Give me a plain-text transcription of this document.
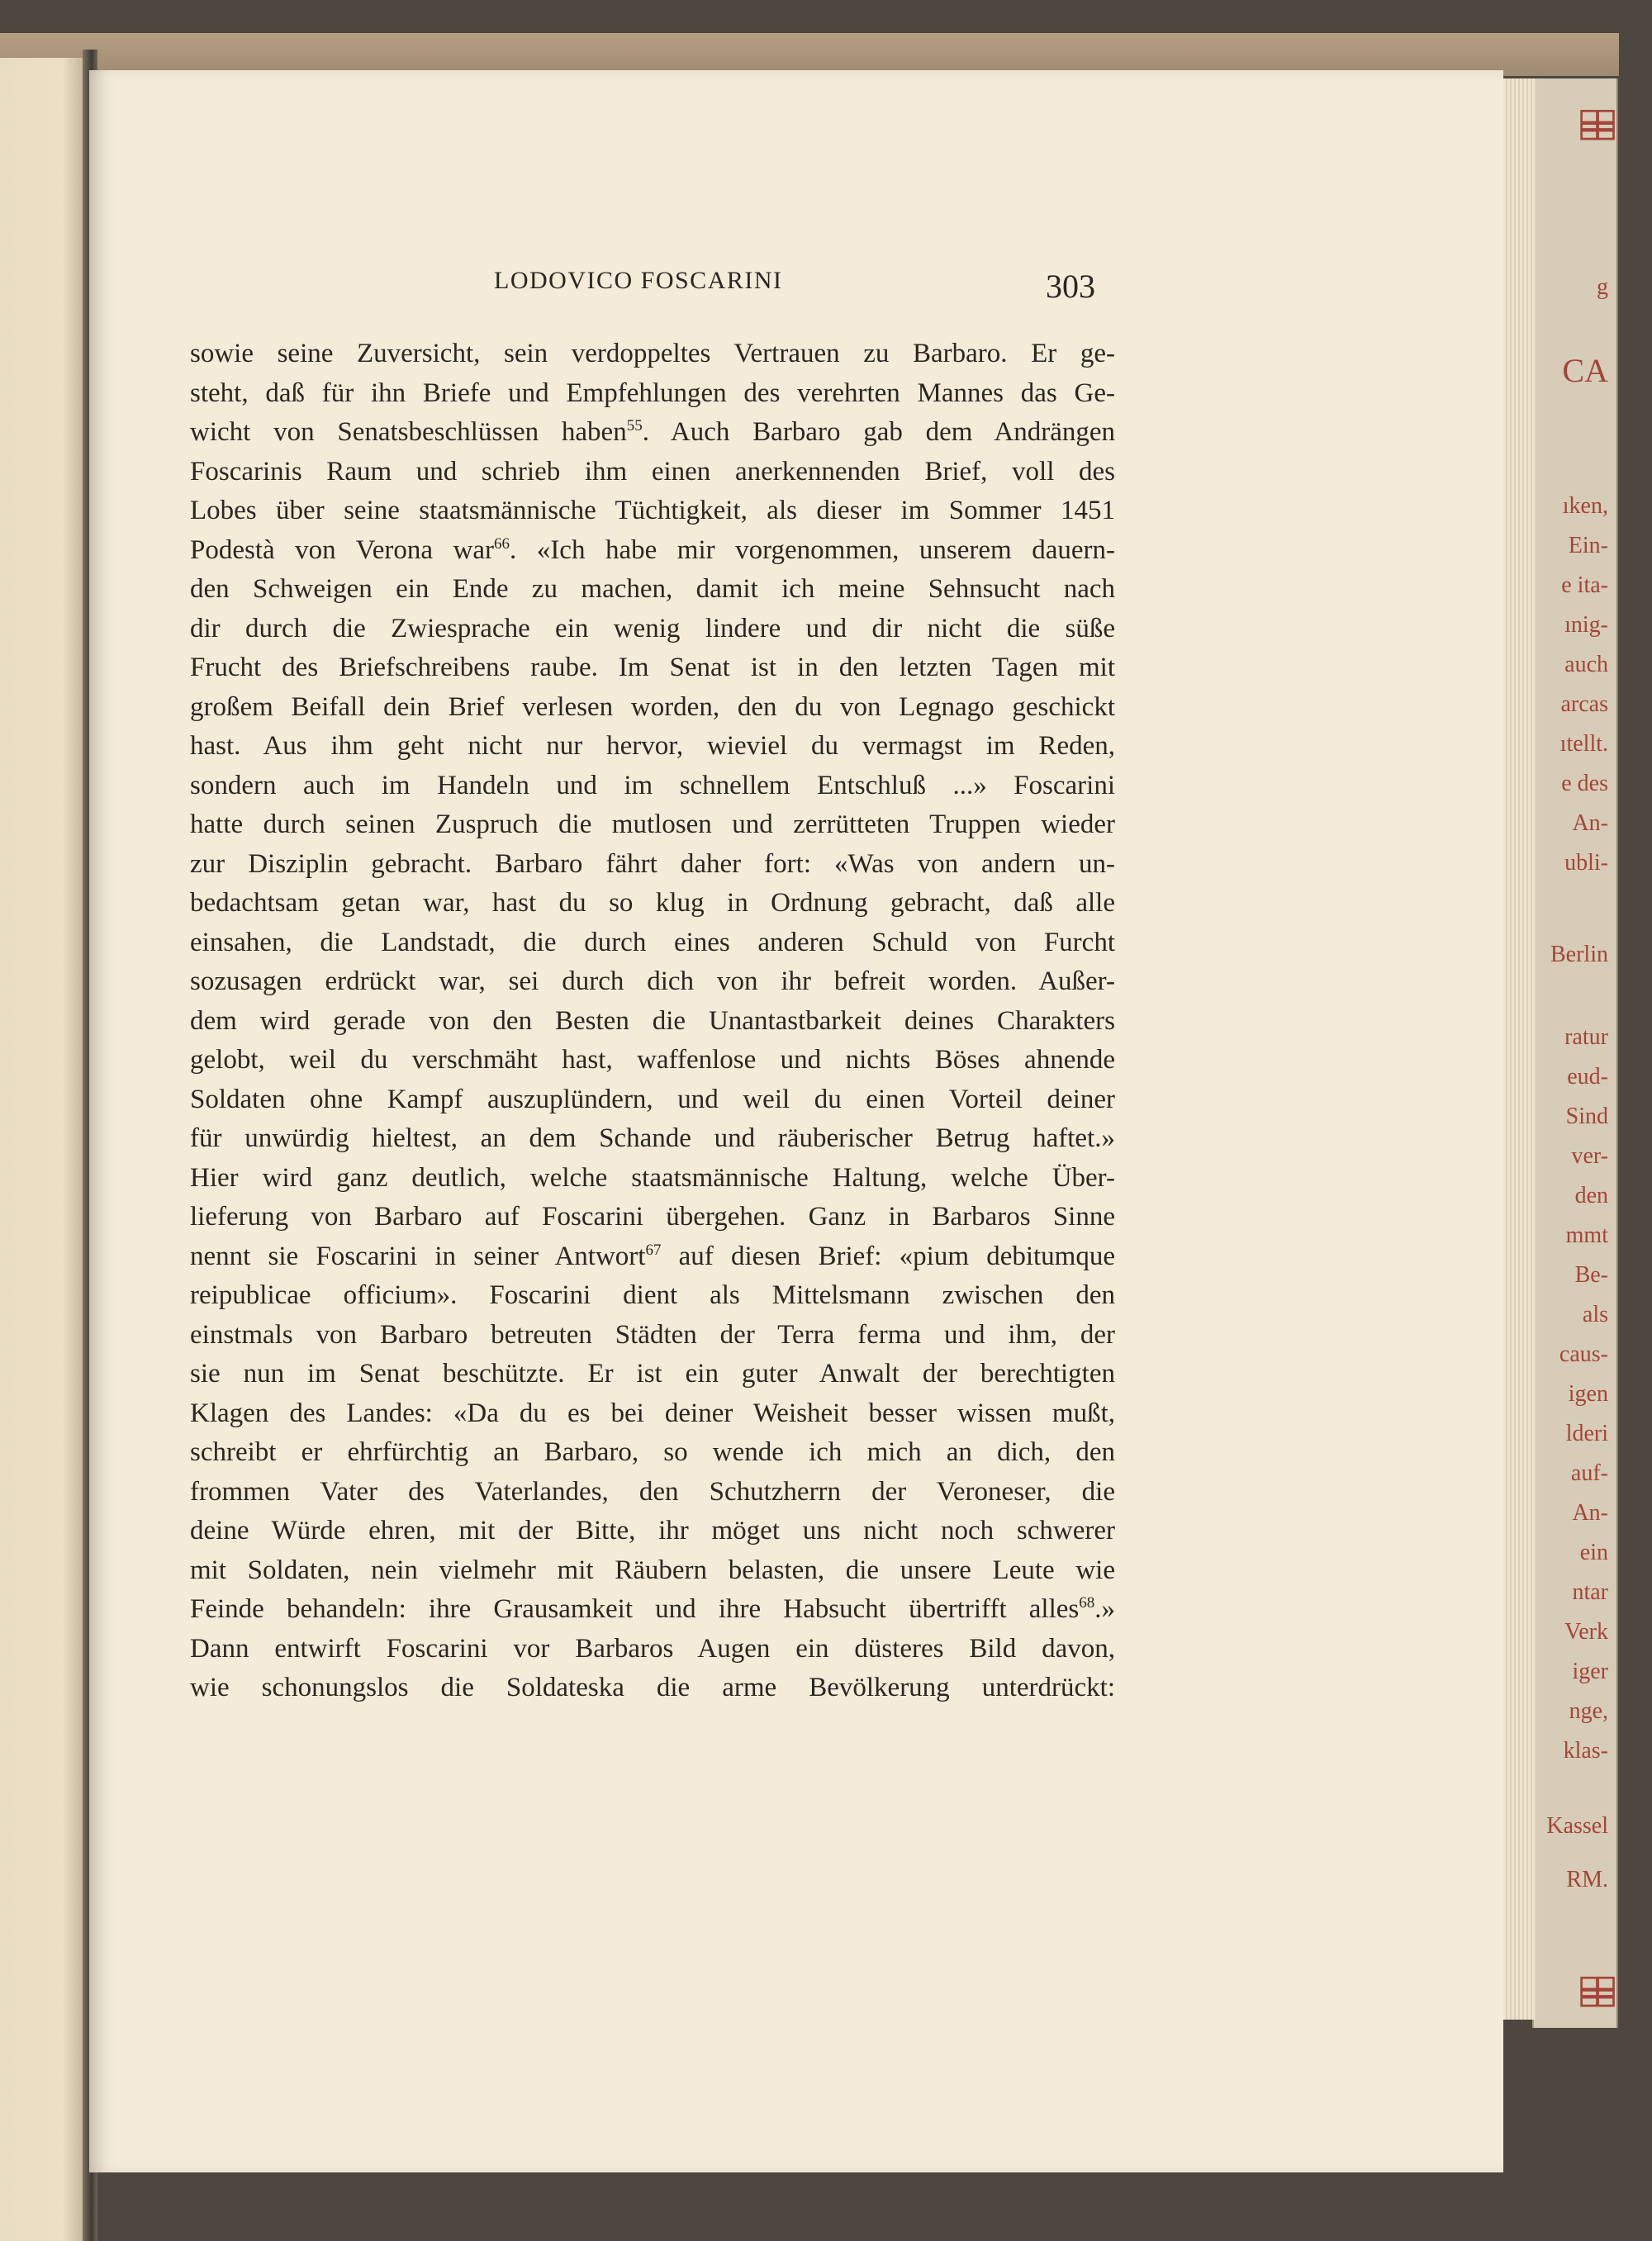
⌸⌸
g
CA
ıken,
Ein-
e ita-
ınig-
auch
arcas
ıtellt.
e des
An-
ubli-
Berlin
ratur
eud-
Sind
ver-
den
mmt
Be-
als
caus-
igen
lderi
auf-
An-
ein
ntar
Verk
iger
nge,
klas-
Kassel
RM.
⌸⌸
LODOVICO FOSCARINI	303
sowie seine Zuversicht, sein verdoppeltes Vertrauen zu Barbaro. Er ge-
steht, daß für ihn Briefe und Empfehlungen des verehrten Mannes das Ge-
wicht von Senatsbeschlüssen haben$^{55}$. Auch Barbaro gab dem Andrängen
Foscarinis Raum und schrieb ihm einen anerkennenden Brief, voll des
Lobes über seine staatsmännische Tüchtigkeit, als dieser im Sommer 1451
Podestà von Verona war$^{66}$. «Ich habe mir vorgenommen, unserem dauern-
den Schweigen ein Ende zu machen, damit ich meine Sehnsucht nach
dir durch die Zwiesprache ein wenig lindere und dir nicht die süße
Frucht des Briefschreibens raube. Im Senat ist in den letzten Tagen mit
großem Beifall dein Brief verlesen worden, den du von Legnago geschickt
hast. Aus ihm geht nicht nur hervor, wieviel du vermagst im Reden,
sondern auch im Handeln und im schnellem Entschluß ...» Foscarini
hatte durch seinen Zuspruch die mutlosen und zerrütteten Truppen wieder
zur Disziplin gebracht. Barbaro fährt daher fort: «Was von andern un-
bedachtsam getan war, hast du so klug in Ordnung gebracht, daß alle
einsahen, die Landstadt, die durch eines anderen Schuld von Furcht
sozusagen erdrückt war, sei durch dich von ihr befreit worden. Außer-
dem wird gerade von den Besten die Unantastbarkeit deines Charakters
gelobt, weil du verschmäht hast, waffenlose und nichts Böses ahnende
Soldaten ohne Kampf auszuplündern, und weil du einen Vorteil deiner
für unwürdig hieltest, an dem Schande und räuberischer Betrug haftet.»
Hier wird ganz deutlich, welche staatsmännische Haltung, welche Über-
lieferung von Barbaro auf Foscarini übergehen. Ganz in Barbaros Sinne
nennt sie Foscarini in seiner Antwort$^{67}$ auf diesen Brief: «pium debitumque
reipublicae officium». Foscarini dient als Mittelsmann zwischen den
einstmals von Barbaro betreuten Städten der Terra ferma und ihm, der
sie nun im Senat beschützte. Er ist ein guter Anwalt der berechtigten
Klagen des Landes: «Da du es bei deiner Weisheit besser wissen mußt,
schreibt er ehrfürchtig an Barbaro, so wende ich mich an dich, den
frommen Vater des Vaterlandes, den Schutzherrn der Veroneser, die
deine Würde ehren, mit der Bitte, ihr möget uns nicht noch schwerer
mit Soldaten, nein vielmehr mit Räubern belasten, die unsere Leute wie
Feinde behandeln: ihre Grausamkeit und ihre Habsucht übertrifft alles$^{68}$.»
Dann entwirft Foscarini vor Barbaros Augen ein düsteres Bild davon,
wie schonungslos die Soldateska die arme Bevölkerung unterdrückt:
